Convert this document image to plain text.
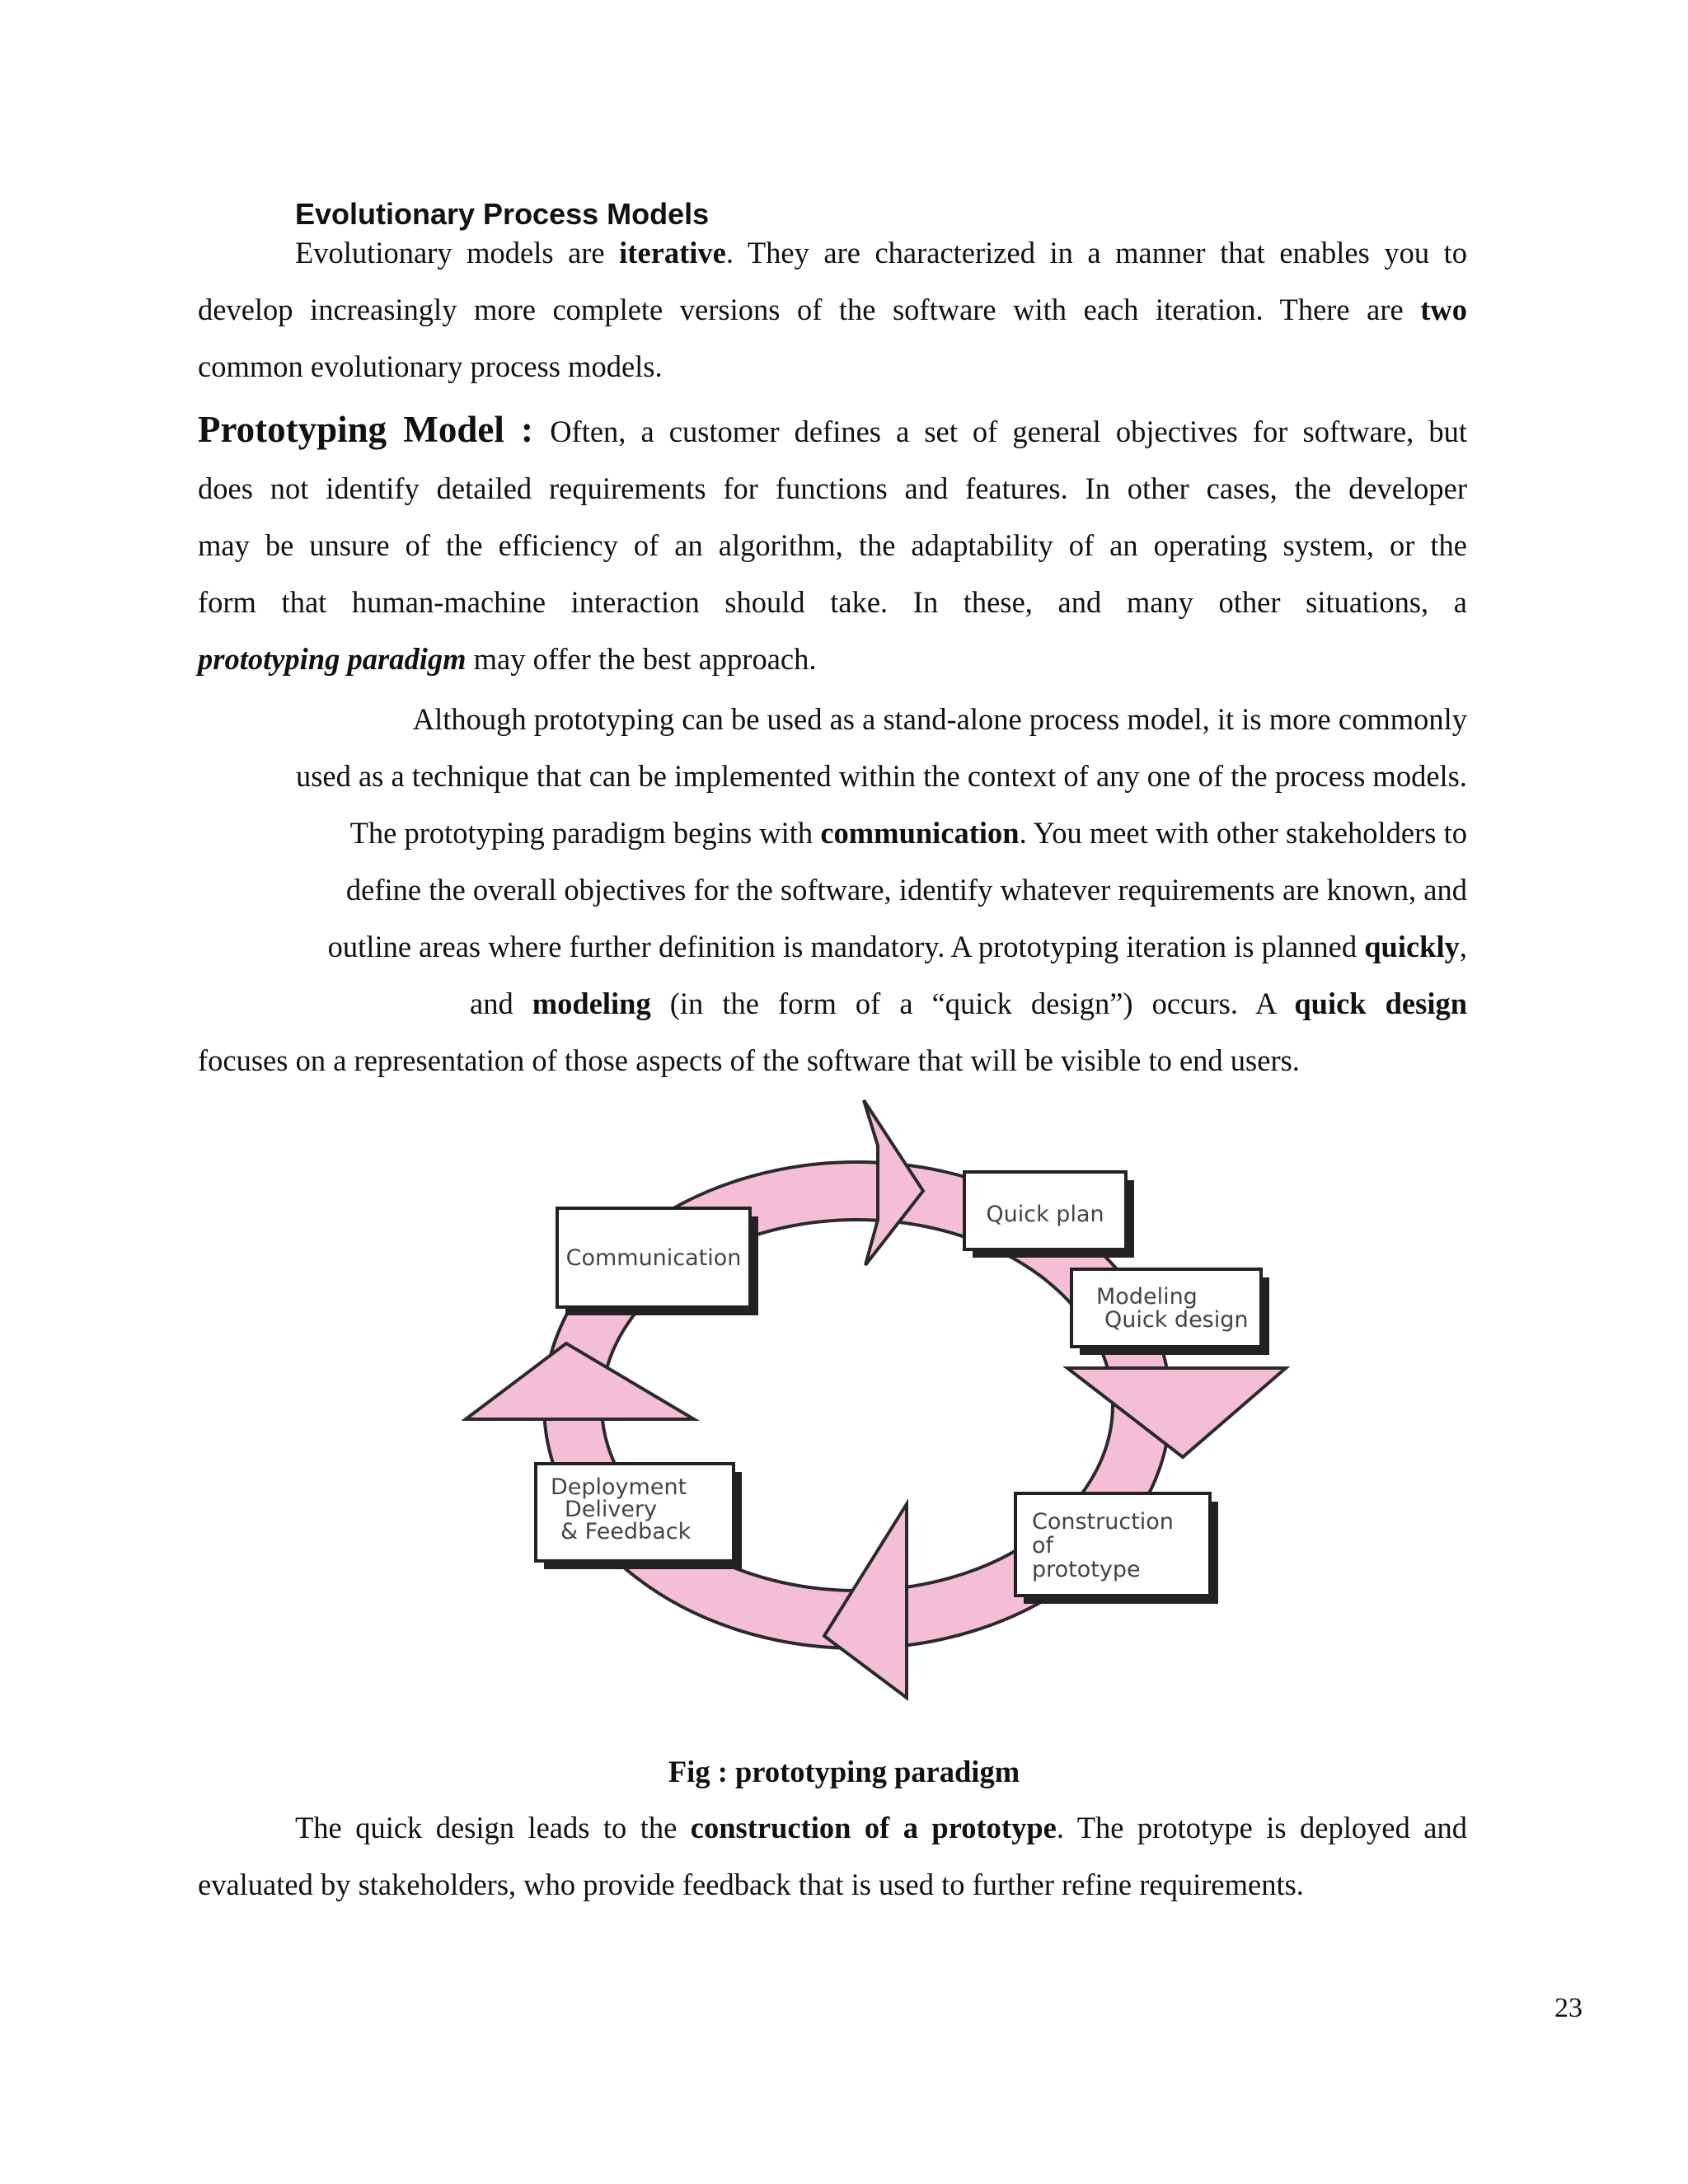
Evolutionary Process Models
Evolutionary models are iterative. They are characterized in a manner that enables you to
develop increasingly more complete versions of the software with each iteration. There are two
common evolutionary process models.
Prototyping Model : Often, a customer defines a set of general objectives for software, but
does not identify detailed requirements for functions and features. In other cases, the developer
may be unsure of the efficiency of an algorithm, the adaptability of an operating system, or the
form that human-machine interaction should take. In these, and many other situations, a
prototyping paradigm may offer the best approach.
Although prototyping can be used as a stand-alone process model, it is more commonly
used as a technique that can be implemented within the context of any one of the process models.
The prototyping paradigm begins with communication. You meet with other stakeholders to
define the overall objectives for the software, identify whatever requirements are known, and
outline areas where further definition is mandatory. A prototyping iteration is planned quickly,
and modeling (in the form of a “quick design”) occurs. A quick design
focuses on a representation of those aspects of the software that will be visible to end users.
Communication
Quick plan
Modeling
Quick design
Deployment
Delivery
& Feedback	Construction
of
prototype
Fig : prototyping paradigm
The quick design leads to the construction of a prototype. The prototype is deployed and
evaluated by stakeholders, who provide feedback that is used to further refine requirements.
23
